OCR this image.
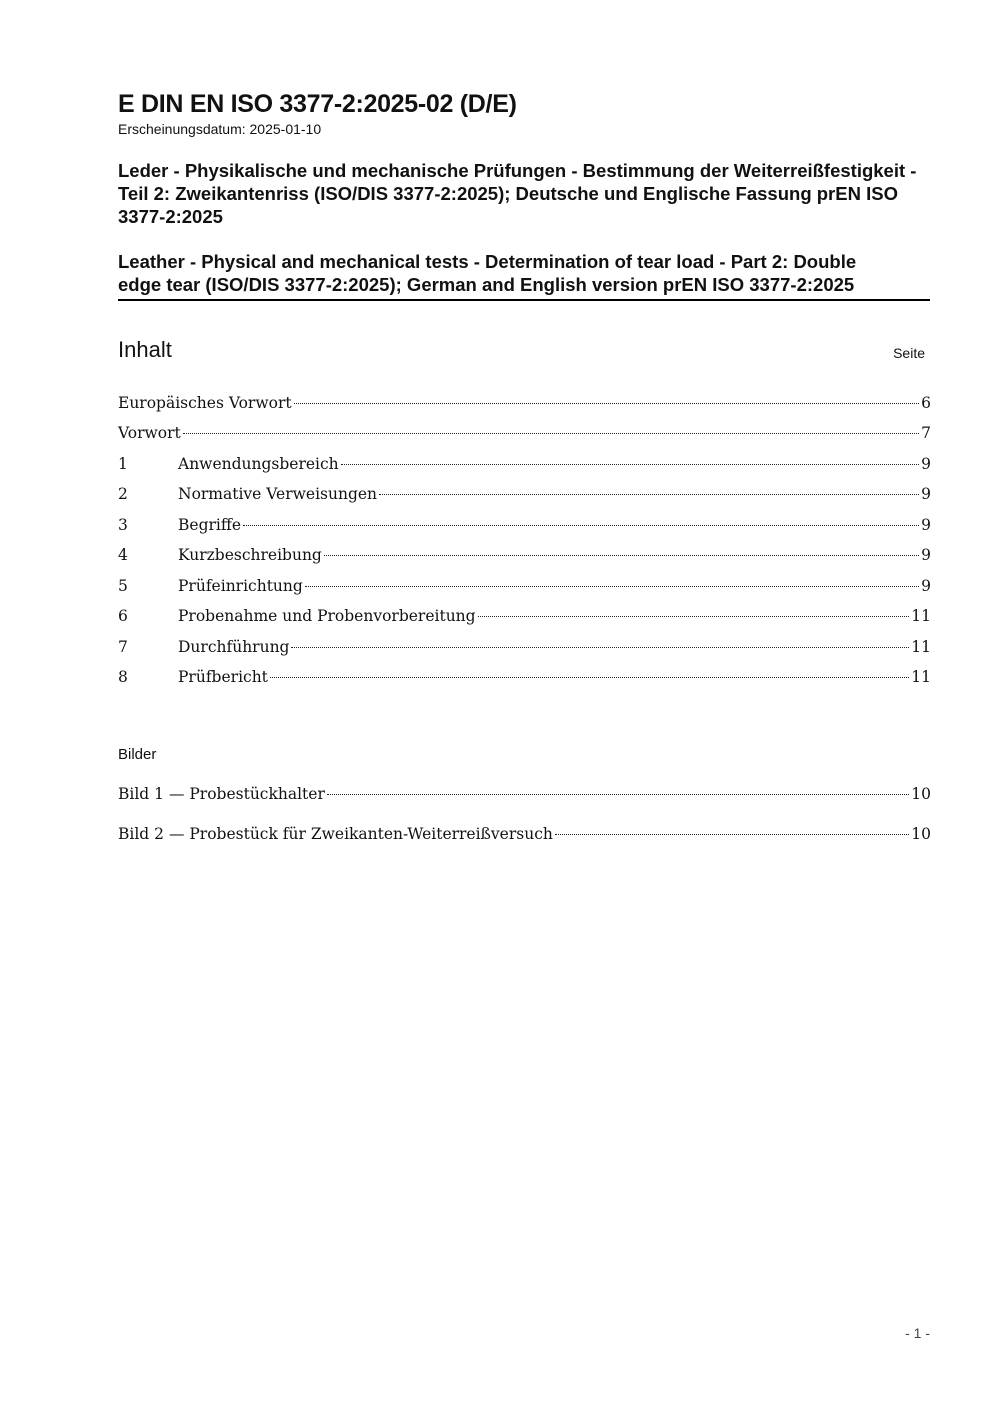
E DIN EN ISO 3377-2:2025-02 (D/E)
Erscheinungsdatum: 2025-01-10
Leder - Physikalische und mechanische Prüfungen - Bestimmung der Weiterreißfestigkeit - Teil 2: Zweikantenriss (ISO/DIS 3377-2:2025); Deutsche und Englische Fassung prEN ISO 3377-2:2025
Leather - Physical and mechanical tests - Determination of tear load - Part 2: Double
edge tear (ISO/DIS 3377-2:2025); German and English version prEN ISO 3377-2:2025
Inhalt	Seite
Europäisches Vorwort	6
Vorwort	7
1	Anwendungsbereich	9
2	Normative Verweisungen	9
3	Begriffe	9
4	Kurzbeschreibung	9
5	Prüfeinrichtung	9
6	Probenahme und Probenvorbereitung	11
7	Durchführung	11
8	Prüfbericht	11
Bilder
Bild 1 — Probestückhalter	10
Bild 2 — Probestück für Zweikanten-Weiterreißversuch	10
- 1 -
